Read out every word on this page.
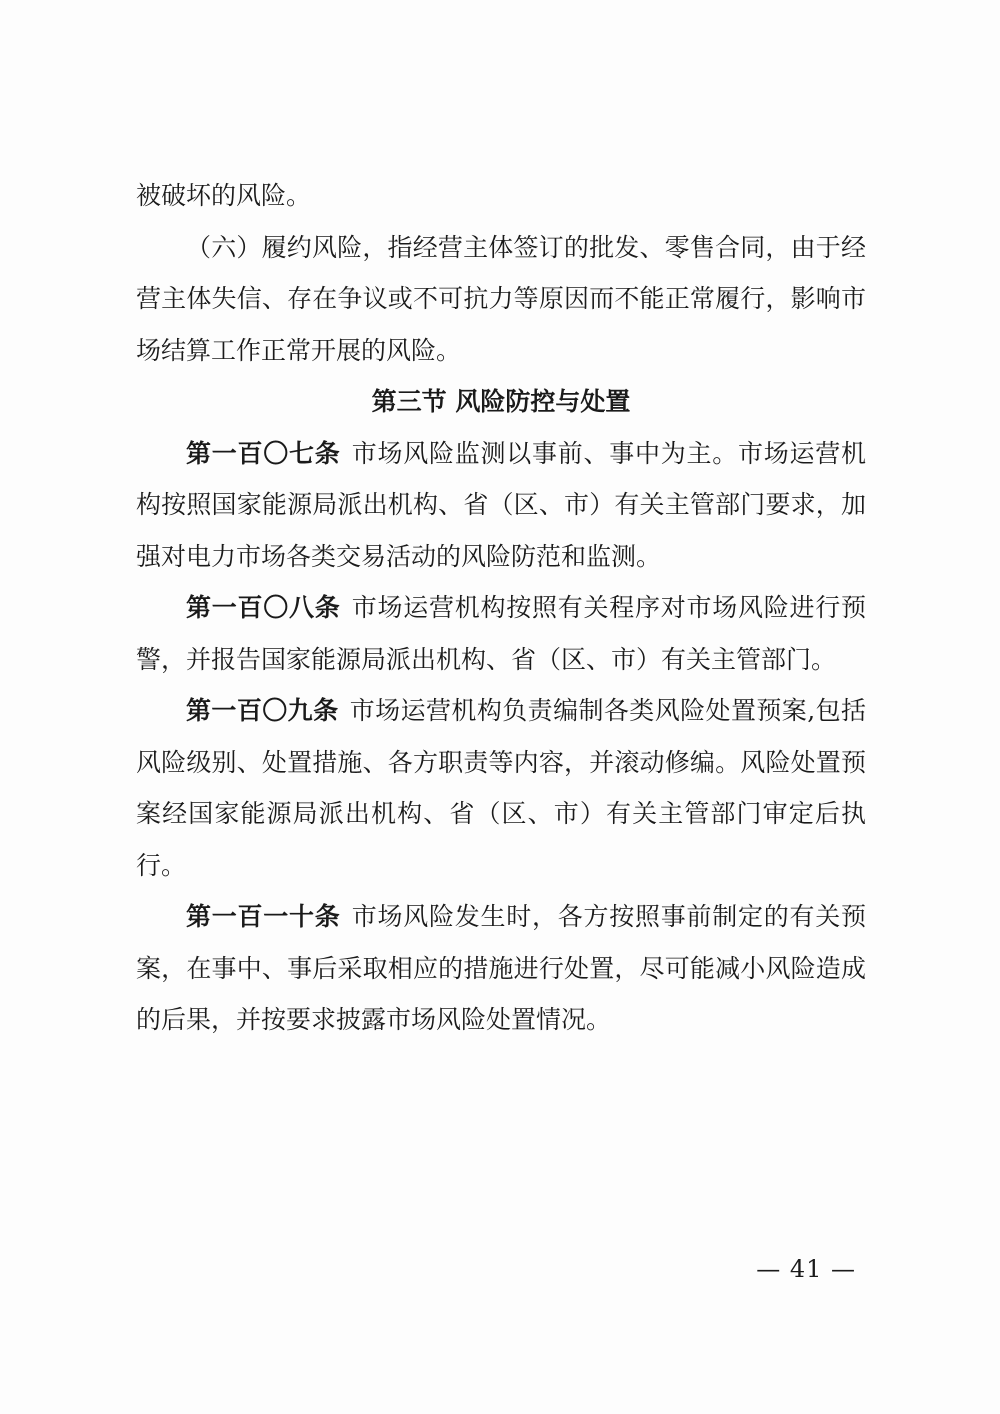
被破坏的风险。

（六）履约风险，指经营主体签订的批发、零售合同，由于经营主体失信、存在争议或不可抗力等原因而不能正常履行，影响市场结算工作正常开展的风险。

第三节 风险防控与处置

第一百〇七条 市场风险监测以事前、事中为主。市场运营机构按照国家能源局派出机构、省（区、市）有关主管部门要求，加强对电力市场各类交易活动的风险防范和监测。

第一百〇八条 市场运营机构按照有关程序对市场风险进行预警，并报告国家能源局派出机构、省（区、市）有关主管部门。

第一百〇九条 市场运营机构负责编制各类风险处置预案,包括风险级别、处置措施、各方职责等内容，并滚动修编。风险处置预案经国家能源局派出机构、省（区、市）有关主管部门审定后执行。

第一百一十条 市场风险发生时，各方按照事前制定的有关预案，在事中、事后采取相应的措施进行处置，尽可能减小风险造成的后果，并按要求披露市场风险处置情况。

— 41 —
